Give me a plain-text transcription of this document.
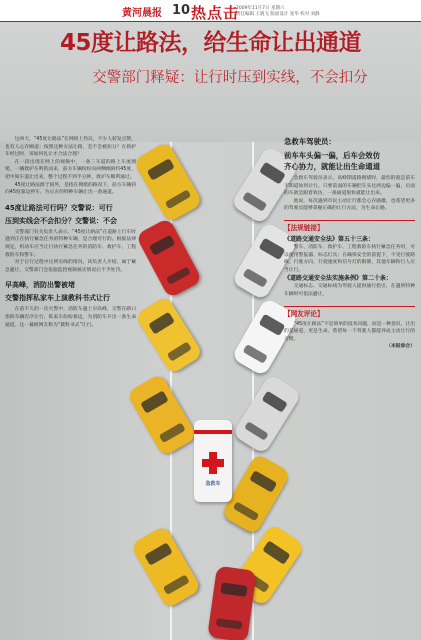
黄河晨报 10 热点击
2009年11月7日 星期六
责任编辑 王晓飞 版面设计 张华 校对 刘静
45度让路法，给生命让出通道
交警部门释疑：让行时压到实线，不会扣分
急救车

这两天，“45度让路法”在网络上热议，不少人转发点赞，也有人心存顾虑：按照这种方法让路，会不会被扣分？在救护车经过时，该如何礼让才合法合理？

在一段出现在网上的视频中，一条三车道的路上车流拥堵，一辆救护车鸣笛而来，前方车辆纷纷向两侧倾斜约45度，把中间车道让出来，整个过程不到半分钟，救护车顺利通过。

45度让路法源于国外，是指在拥堵的路况下，前方车辆斜向45度靠边停车，为后方的特种车辆让出一条通道。

45度让路法可行吗？交警说：可行
压到实线会不会扣分？交警说：不会

交警部门有关负责人表示，“45度让路法”在道路上行车时遇到正在执行紧急任务的特种车辆，是合理可行的。根据法律规定，机动车应当让行执行紧急任务的消防车、救护车、工程救险车和警车。

对于让行过程中压到实线的情况，该负责人介绍，属于紧急避让，交警部门会依据监控视频核实情况后不予处罚。

早高峰，消防出警被堵
交警指挥私家车上演教科书式让行

在前不久的一次火警中，消防车遇上早高峰，交警在路口指挥车辆有序让行，私家车纷纷靠边，为消防车开出一条生命通道，这一幕被网友称为“教科书式”让行。

急救车驾驶员：
前车车头偏一偏，后车会效仿
齐心协力，就能让出生命通道

急救车驾驶员表示，高峰期道路拥堵时，最怕的就是前车不知道如何让行。只要前面的车辆把车头往两边偏一偏，后面的车就会跟着效仿，一条通道很快就能让出来。

他说，每次遇到市民主动让行都会心存感激，也希望更多的驾驶员能够掌握正确的让行方法，为生命让路。

【法规链接】
《道路交通安全法》第五十三条：

警车、消防车、救护车、工程救险车执行紧急任务时，可以使用警报器、标志灯具；在确保安全的前提下，不受行驶路线、行驶方向、行驶速度和信号灯的限制，其他车辆和行人应当让行。

《道路交通安全法实施条例》第二十条：

交通标志、交通标线为驾驶人提供通行指引，在遇到特种车辆时可依法避让。

【网友评论】

“45度让路法”不是简单的技术问题，而是一种意识，让出的是通道，更是生命。希望每一个驾驶人都能养成主动让行的习惯。

（本报综合）
